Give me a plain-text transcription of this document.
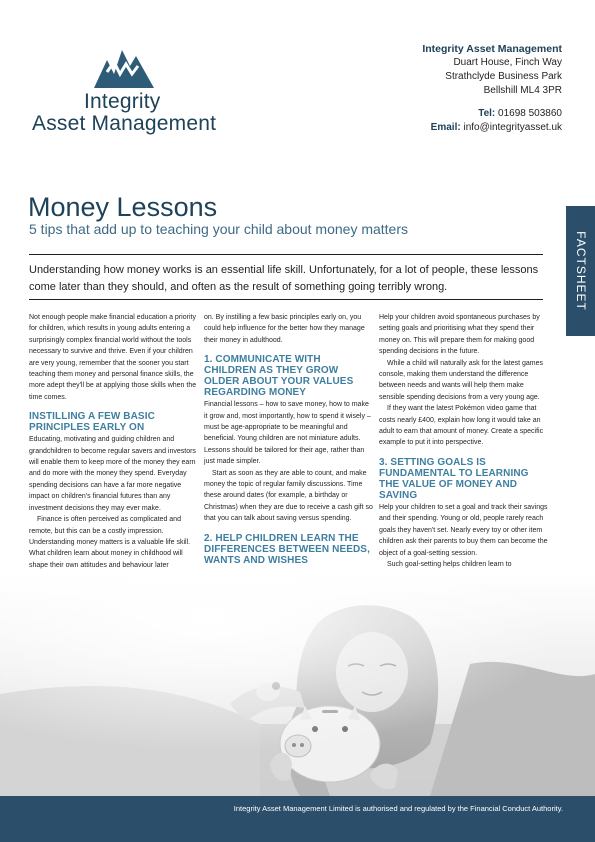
Integrity
Asset Management
Integrity Asset Management
Duart House, Finch Way
Strathclyde Business Park
Bellshill ML4 3PR
Tel: 01698 503860
Email: info@integrityasset.uk
Money Lessons
5 tips that add up to teaching your child about money matters
FACTSHEET

Understanding how money works is an essential life skill. Unfortunately, for a lot of people, these lessons come later than they should, and often as the result of something going terribly wrong.

Not enough people make financial education a priority for children, which results in young adults entering a surprisingly complex financial world without the tools necessary to survive and thrive. Even if your children are very young, remember that the sooner you start teaching them money and personal finance skills, the more adept they'll be at applying those skills when the time comes.

INSTILLING A FEW BASIC PRINCIPLES EARLY ON

Educating, motivating and guiding children and grandchildren to become regular savers and investors will enable them to keep more of the money they earn and do more with the money they spend. Everyday spending decisions can have a far more negative impact on children's financial futures than any investment decisions they may ever make.

Finance is often perceived as complicated and remote, but this can be a costly impression. Understanding money matters is a valuable life skill. What children learn about money in childhood will shape their own attitudes and behaviour later

on. By instilling a few basic principles early on, you could help influence for the better how they manage their money in adulthood.

1. COMMUNICATE WITH CHILDREN AS THEY GROW OLDER ABOUT YOUR VALUES REGARDING MONEY

Financial lessons – how to save money, how to make it grow and, most importantly, how to spend it wisely – must be age-appropriate to be meaningful and beneficial. Young children are not miniature adults. Lessons should be tailored for their age, rather than just made simpler.

Start as soon as they are able to count, and make money the topic of regular family discussions. Time these around dates (for example, a birthday or Christmas) when they are due to receive a cash gift so that you can talk about saving versus spending.

2. HELP CHILDREN LEARN THE DIFFERENCES BETWEEN NEEDS, WANTS AND WISHES

Help your children avoid spontaneous purchases by setting goals and prioritising what they spend their money on. This will prepare them for making good spending decisions in the future.

While a child will naturally ask for the latest games console, making them understand the difference between needs and wants will help them make sensible spending decisions from a very young age.

If they want the latest Pokémon video game that costs nearly £400, explain how long it would take an adult to earn that amount of money. Create a specific example to put it into perspective.

3. SETTING GOALS IS FUNDAMENTAL TO LEARNING THE VALUE OF MONEY AND SAVING

Help your children to set a goal and track their savings and their spending. Young or old, people rarely reach goals they haven't set. Nearly every toy or other item children ask their parents to buy them can become the object of a goal-setting session.

Such goal-setting helps children learn to

Integrity Asset Management Limited is authorised and regulated by the Financial Conduct Authority.
